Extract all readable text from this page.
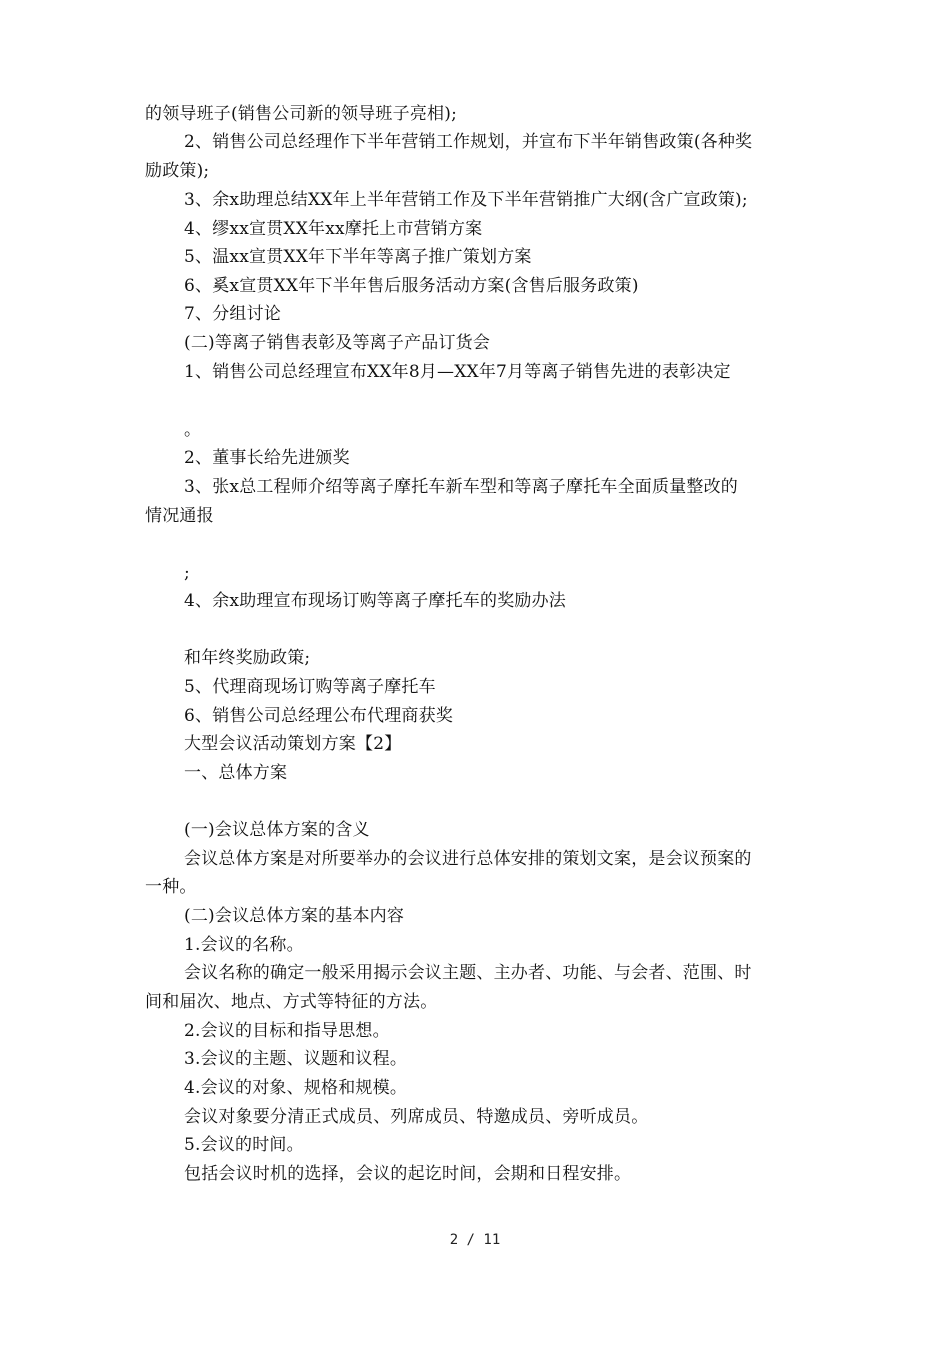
的领导班子(销售公司新的领导班子亮相);
2、销售公司总经理作下半年营销工作规划，并宣布下半年销售政策(各种奖
励政策);
3、余x助理总结XX年上半年营销工作及下半年营销推广大纲(含广宣政策);
4、缪xx宣贯XX年xx摩托上市营销方案
5、温xx宣贯XX年下半年等离子推广策划方案
6、奚x宣贯XX年下半年售后服务活动方案(含售后服务政策)
7、分组讨论
(二)等离子销售表彰及等离子产品订货会
1、销售公司总经理宣布XX年8月—XX年7月等离子销售先进的表彰决定
。
2、董事长给先进颁奖
3、张x总工程师介绍等离子摩托车新车型和等离子摩托车全面质量整改的
情况通报
;
4、余x助理宣布现场订购等离子摩托车的奖励办法
和年终奖励政策;
5、代理商现场订购等离子摩托车
6、销售公司总经理公布代理商获奖
大型会议活动策划方案【2】
一、总体方案
(一)会议总体方案的含义
会议总体方案是对所要举办的会议进行总体安排的策划文案，是会议预案的
一种。
(二)会议总体方案的基本内容
1.会议的名称。
会议名称的确定一般采用揭示会议主题、主办者、功能、与会者、范围、时
间和届次、地点、方式等特征的方法。
2.会议的目标和指导思想。
3.会议的主题、议题和议程。
4.会议的对象、规格和规模。
会议对象要分清正式成员、列席成员、特邀成员、旁听成员。
5.会议的时间。
包括会议时机的选择，会议的起讫时间，会期和日程安排。
2 / 11
